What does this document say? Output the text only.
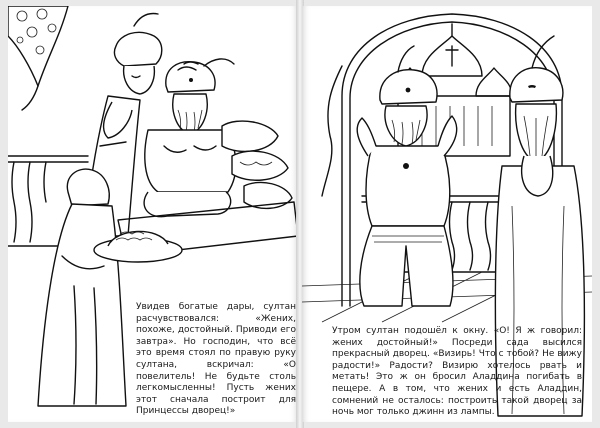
Увидев богатые дары, султан расчувствовался: «Жених, похоже, достойный. Приводи его завтра». Но господин, что всё это время стоял по правую руку султана, вскричал: «О повелитель! Не будьте столь легкомысленны! Пусть жених этот сначала построит для Принцессы дворец!»

Утром султан подошёл к окну. «О! Я ж говорил: жених достойный!» Посреди сада высился прекрасный дворец. «Визирь! Что с тобой? Не вижу радости!» Радости? Визирю хотелось рвать и метать! Это ж он бросил Аладдина погибать в пещере. А в том, что жених и есть Аладдин, сомнений не осталось: построить такой дворец за ночь мог только джинн из лампы.
